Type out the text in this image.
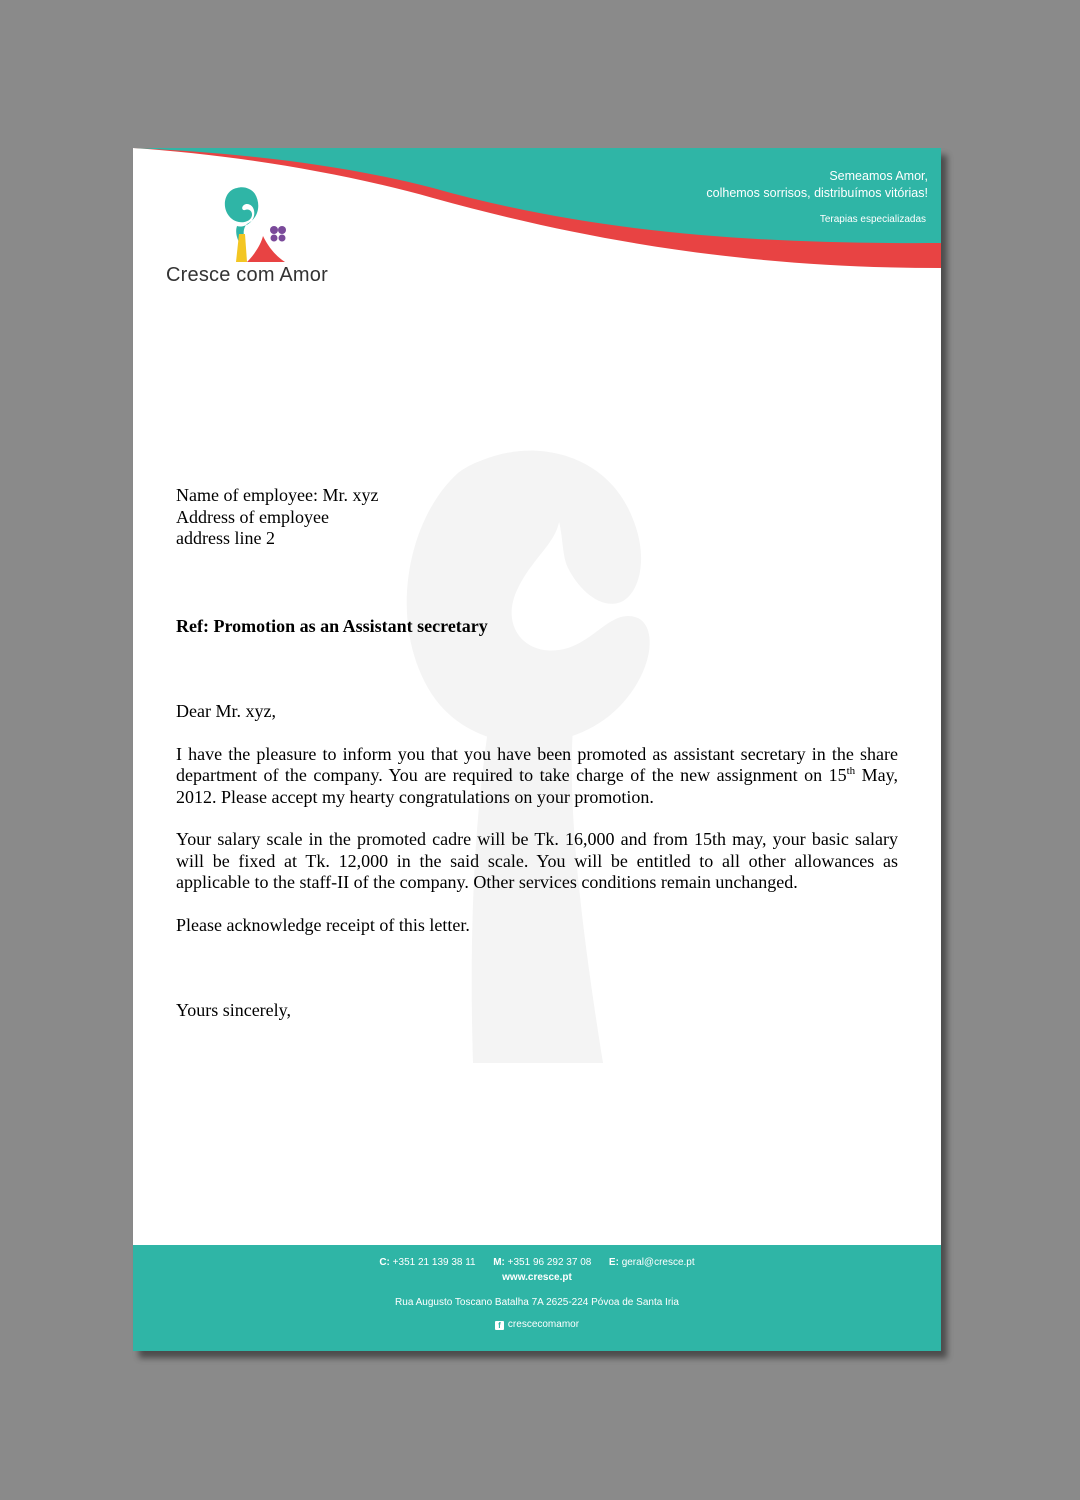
Semeamos Amor,
colhemos sorrisos, distribuímos vitórias!
Terapias especializadas
Cresce com Amor

Name of employee: Mr. xyz

Address of employee

address line 2

Ref: Promotion as an Assistant secretary

Dear Mr. xyz,

I have the pleasure to inform you that you have been promoted as assistant secretary in the share department of the company. You are required to take charge of the new assignment on 15th May, 2012. Please accept my hearty congratulations on your promotion.

Your salary scale in the promoted cadre will be Tk. 16,000 and from 15th may, your basic salary will be fixed at Tk. 12,000 in the said scale. You will be entitled to all other allowances as applicable to the staff-II of the company. Other services conditions remain unchanged.

Please acknowledge receipt of this letter.

Yours sincerely,

C: +351 21 139 38 11 M: +351 96 292 37 08 E: geral@cresce.pt
www.cresce.pt
Rua Augusto Toscano Batalha 7A 2625-224 Póvoa de Santa Iria
f crescecomamor
